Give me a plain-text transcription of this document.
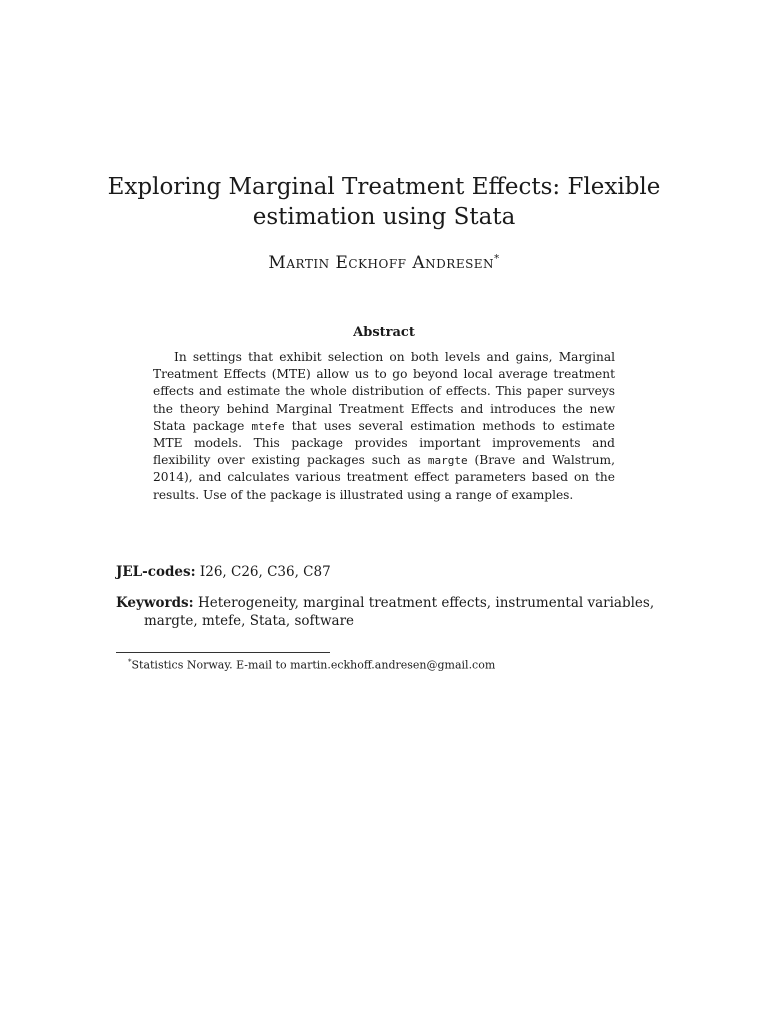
Exploring Marginal Treatment Effects: Flexible estimation using Stata
Martin Eckhoff Andresen*
Abstract

In settings that exhibit selection on both levels and gains, Marginal Treatment Effects (MTE) allow us to go beyond local average treatment effects and estimate the whole distribution of effects. This paper surveys the theory behind Marginal Treatment Effects and introduces the new Stata package mtefe that uses several estimation methods to estimate MTE models. This package provides important improvements and flexibility over existing packages such as margte (Brave and Walstrum, 2014), and calculates various treatment effect parameters based on the results. Use of the package is illustrated using a range of examples.

JEL-codes: I26, C26, C36, C87
Keywords: Heterogeneity, marginal treatment effects, instrumental variables, margte, mtefe, Stata, software
*Statistics Norway. E-mail to martin.eckhoff.andresen@gmail.com
